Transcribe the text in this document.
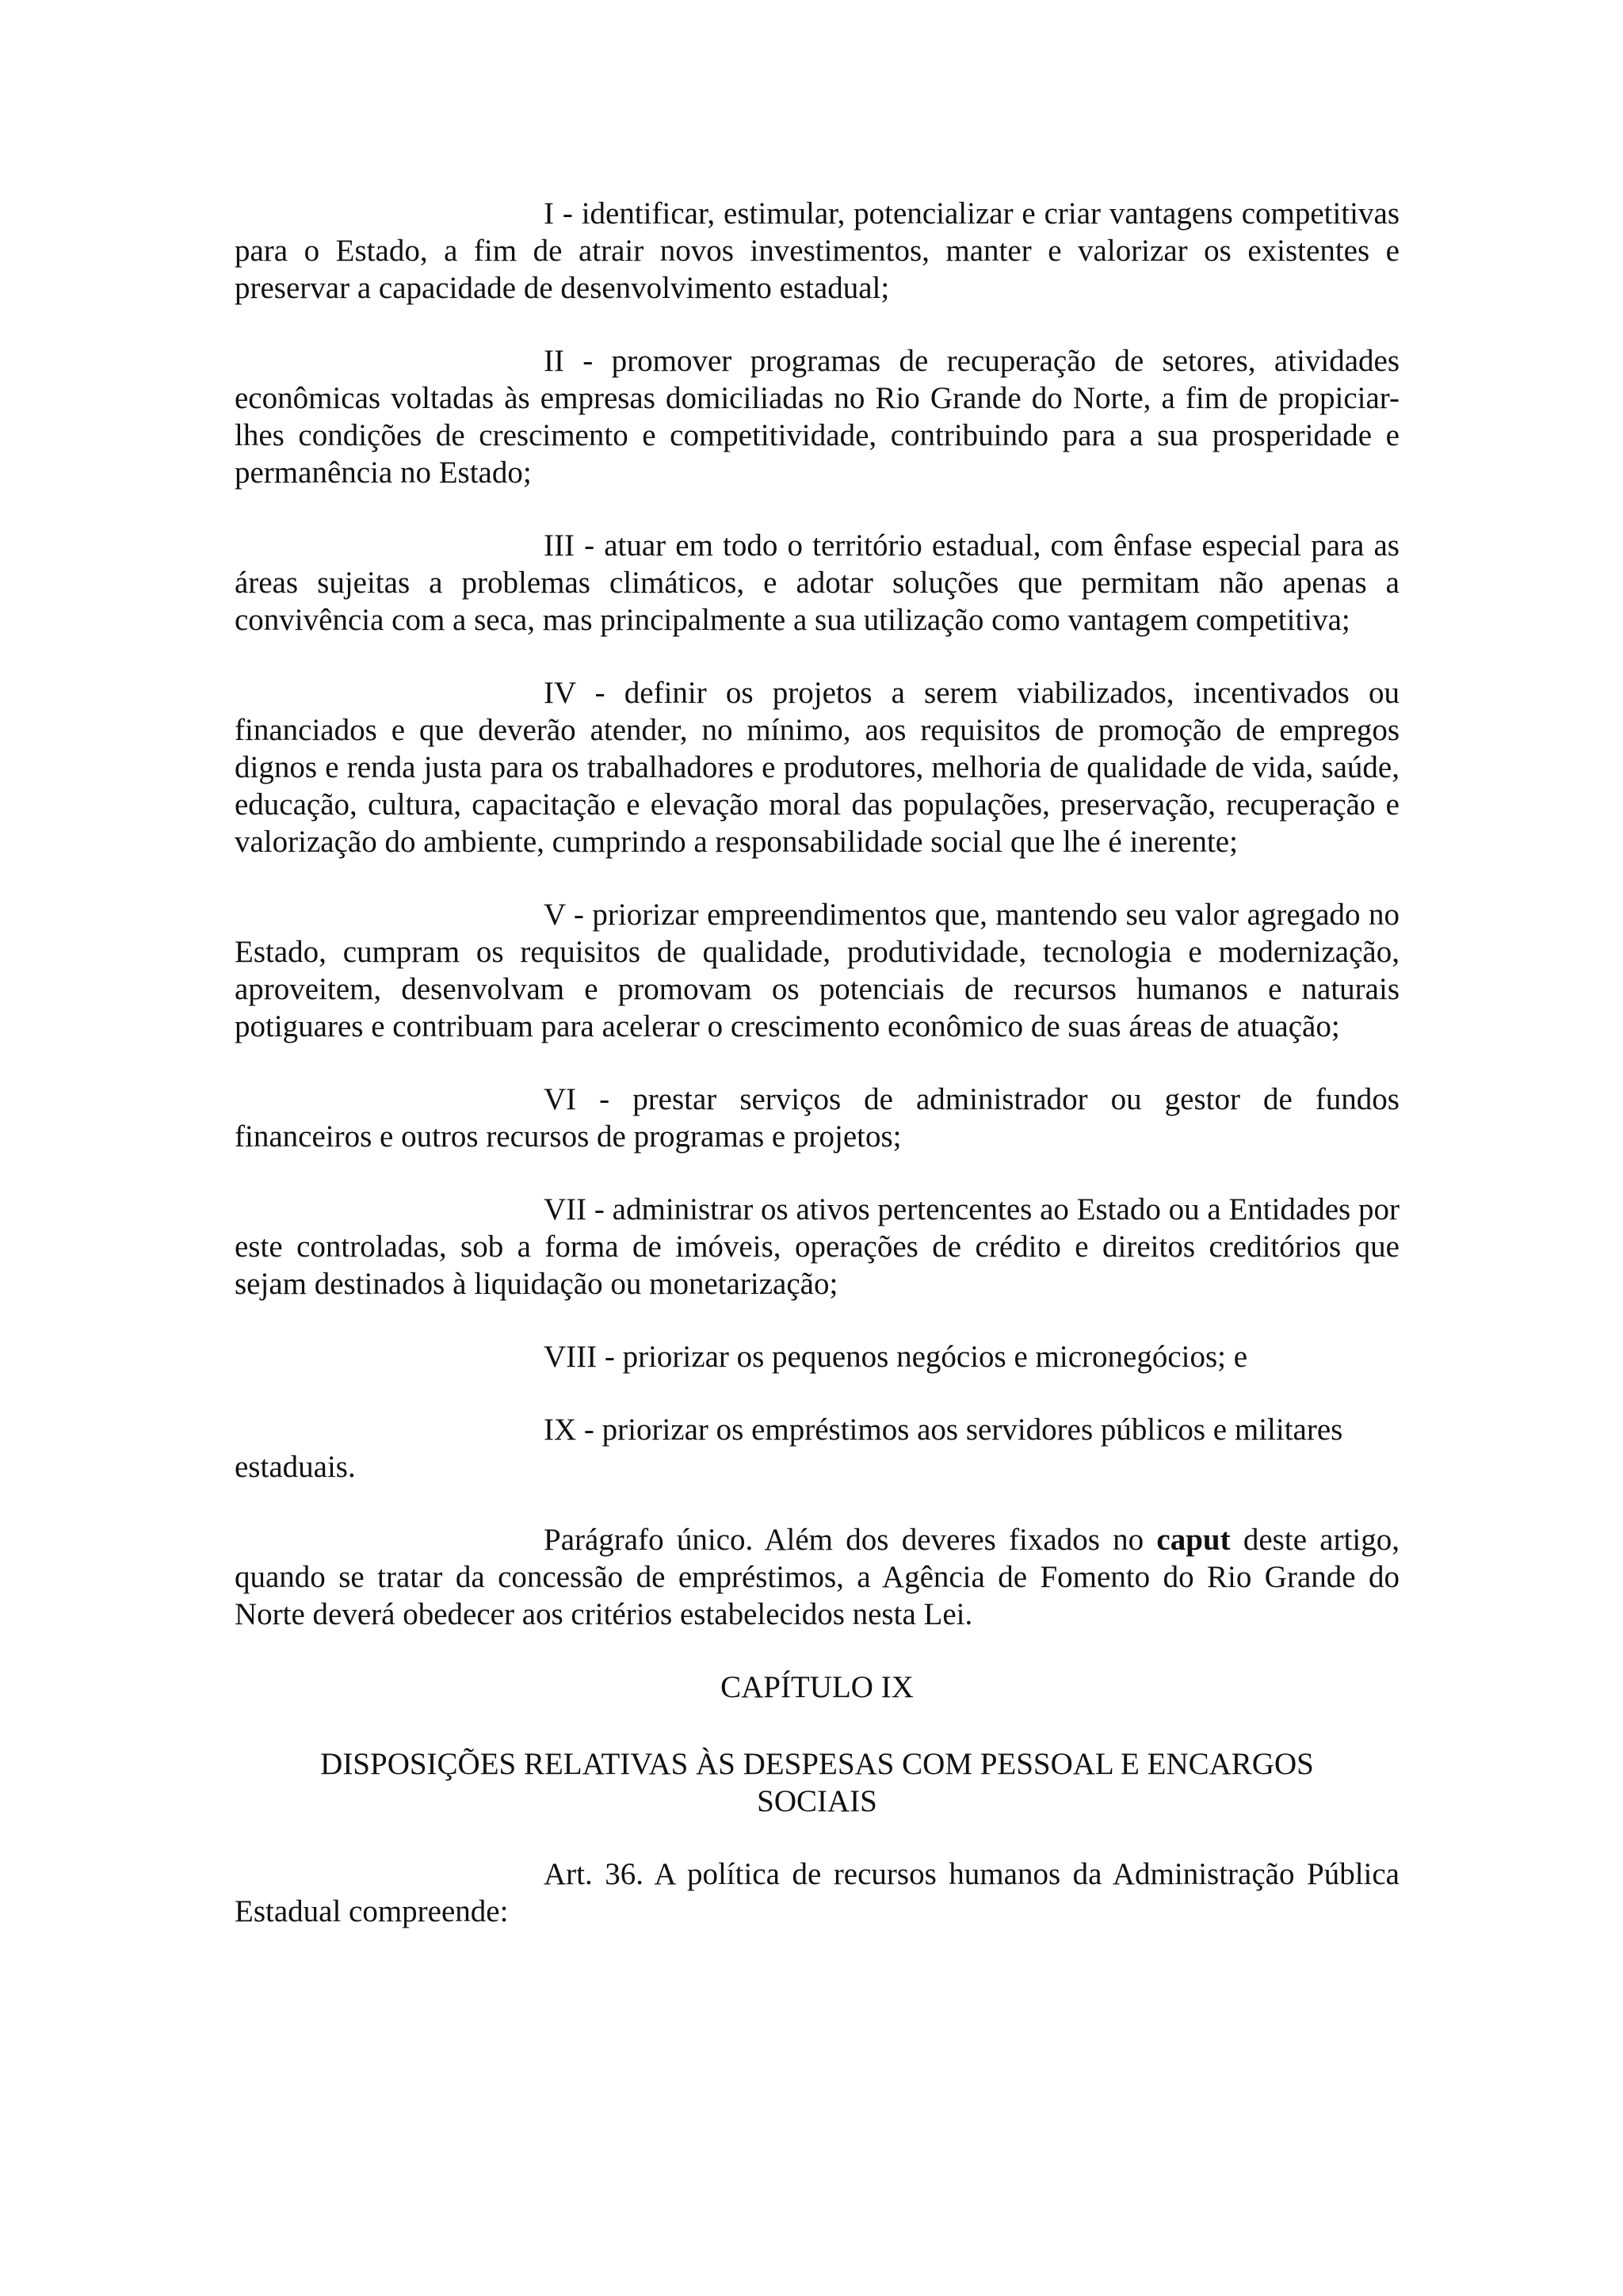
I - identificar, estimular, potencializar e criar vantagens competitivas para o Estado, a fim de atrair novos investimentos, manter e valorizar os existentes e preservar a capacidade de desenvolvimento estadual;

II - promover programas de recuperação de setores, atividades econômicas voltadas às empresas domiciliadas no Rio Grande do Norte, a fim de propiciar-lhes condições de crescimento e competitividade, contribuindo para a sua prosperidade e permanência no Estado;

III - atuar em todo o território estadual, com ênfase especial para as áreas sujeitas a problemas climáticos, e adotar soluções que permitam não apenas a convivência com a seca, mas principalmente a sua utilização como vantagem competitiva;

IV - definir os projetos a serem viabilizados, incentivados ou financiados e que deverão atender, no mínimo, aos requisitos de promoção de empregos dignos e renda justa para os trabalhadores e produtores, melhoria de qualidade de vida, saúde, educação, cultura, capacitação e elevação moral das populações, preservação, recuperação e valorização do ambiente, cumprindo a responsabilidade social que lhe é inerente;

V - priorizar empreendimentos que, mantendo seu valor agregado no Estado, cumpram os requisitos de qualidade, produtividade, tecnologia e modernização, aproveitem, desenvolvam e promovam os potenciais de recursos humanos e naturais potiguares e contribuam para acelerar o crescimento econômico de suas áreas de atuação;

VI - prestar serviços de administrador ou gestor de fundos financeiros e outros recursos de programas e projetos;

VII - administrar os ativos pertencentes ao Estado ou a Entidades por este controladas, sob a forma de imóveis, operações de crédito e direitos creditórios que sejam destinados à liquidação ou monetarização;

VIII - priorizar os pequenos negócios e micronegócios; e

IX - priorizar os empréstimos aos servidores públicos e militares estaduais.

Parágrafo único. Além dos deveres fixados no caput deste artigo, quando se tratar da concessão de empréstimos, a Agência de Fomento do Rio Grande do Norte deverá obedecer aos critérios estabelecidos nesta Lei.

CAPÍTULO IX

DISPOSIÇÕES RELATIVAS ÀS DESPESAS COM PESSOAL E ENCARGOS SOCIAIS

Art. 36. A política de recursos humanos da Administração Pública Estadual compreende:
